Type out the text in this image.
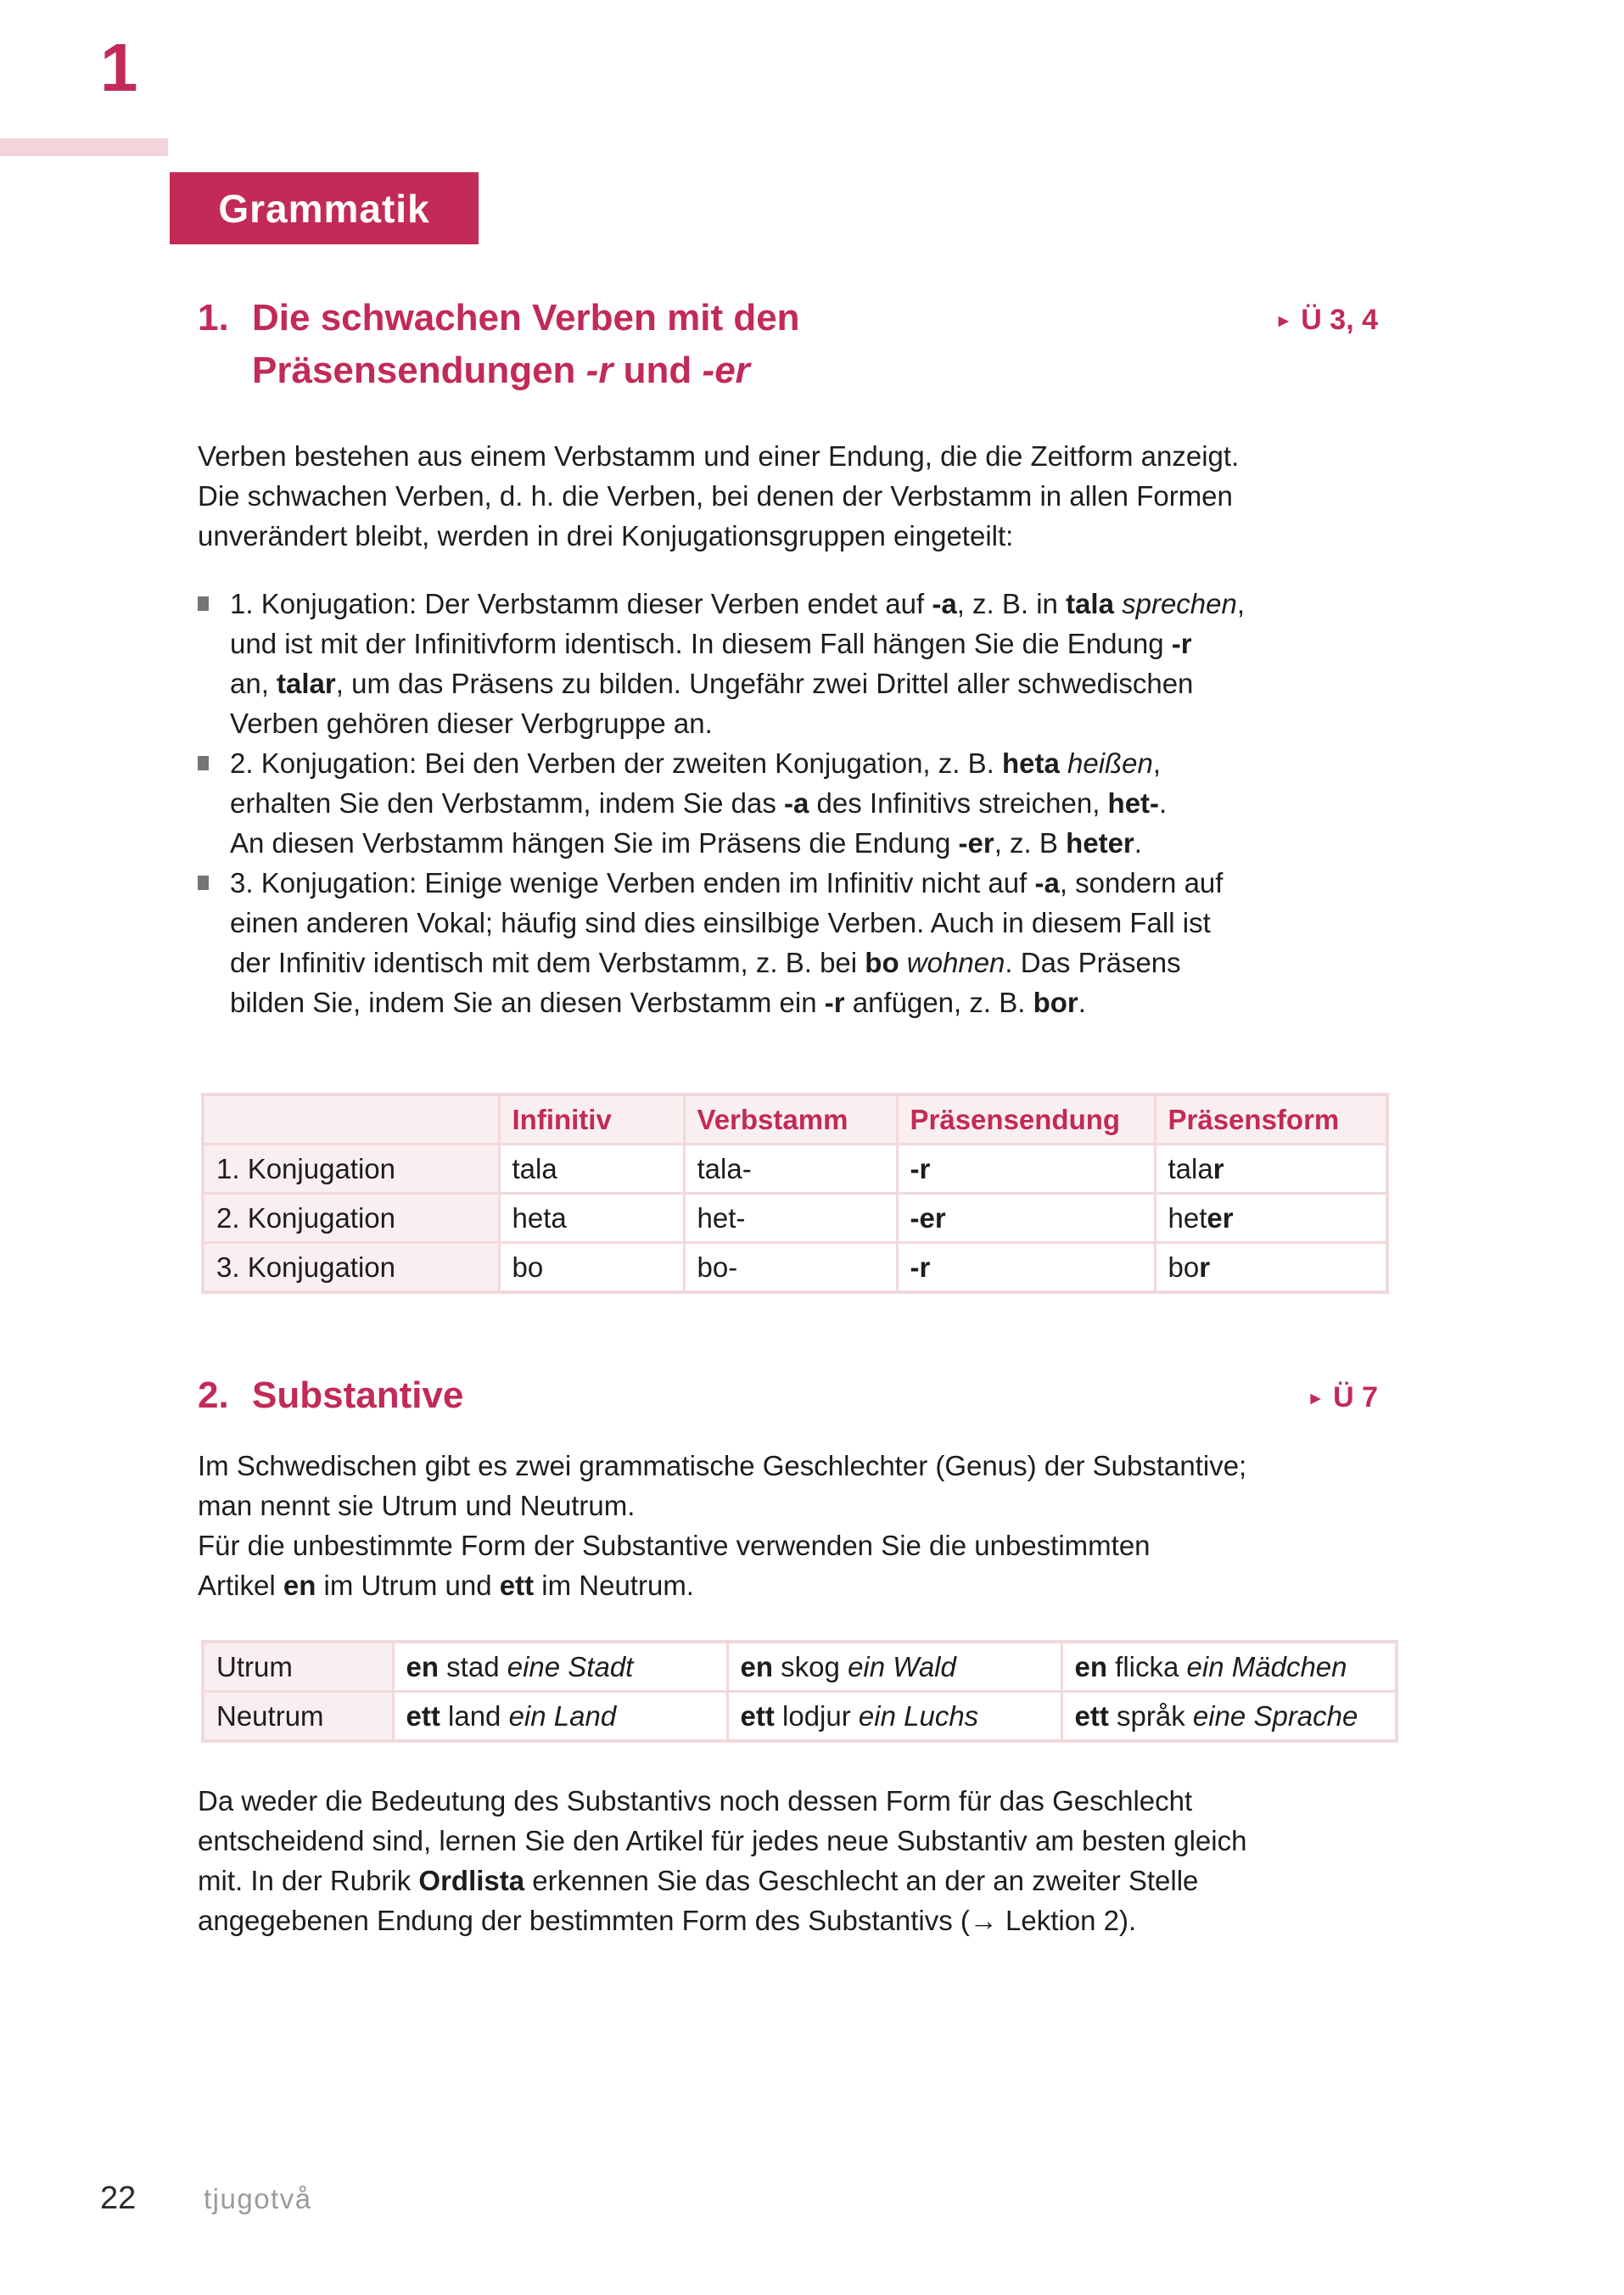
1
Grammatik
1. Die schwachen Verben mit den
Präsensendungen -r und -er
► Ü 3, 4
Verben bestehen aus einem Verbstamm und einer Endung, die die Zeitform anzeigt.
Die schwachen Verben, d. h. die Verben, bei denen der Verbstamm in allen Formen
unverändert bleibt, werden in drei Konjugationsgruppen eingeteilt:
1. Konjugation: Der Verbstamm dieser Verben endet auf -a, z. B. in tala sprechen,
und ist mit der Infinitivform identisch. In diesem Fall hängen Sie die Endung -r
an, talar, um das Präsens zu bilden. Ungefähr zwei Drittel aller schwedischen
Verben gehören dieser Verbgruppe an.
2. Konjugation: Bei den Verben der zweiten Konjugation, z. B. heta heißen,
erhalten Sie den Verbstamm, indem Sie das -a des Infinitivs streichen, het-.
An diesen Verbstamm hängen Sie im Präsens die Endung -er, z. B heter.
3. Konjugation: Einige wenige Verben enden im Infinitiv nicht auf -a, sondern auf
einen anderen Vokal; häufig sind dies einsilbige Verben. Auch in diesem Fall ist
der Infinitiv identisch mit dem Verbstamm, z. B. bei bo wohnen. Das Präsens
bilden Sie, indem Sie an diesen Verbstamm ein -r anfügen, z. B. bor.
	Infinitiv	Verbstamm	Präsensendung	Präsensform
1. Konjugation	tala	tala-	-r	talar
2. Konjugation	heta	het-	-er	heter
3. Konjugation	bo	bo-	-r	bor
2. Substantive	► Ü 7
Im Schwedischen gibt es zwei grammatische Geschlechter (Genus) der Substantive;
man nennt sie Utrum und Neutrum.
Für die unbestimmte Form der Substantive verwenden Sie die unbestimmten
Artikel en im Utrum und ett im Neutrum.
Utrum	en stad eine Stadt	en skog ein Wald	en flicka ein Mädchen
Neutrum	ett land ein Land	ett lodjur ein Luchs	ett språk eine Sprache
Da weder die Bedeutung des Substantivs noch dessen Form für das Geschlecht
entscheidend sind, lernen Sie den Artikel für jedes neue Substantiv am besten gleich
mit. In der Rubrik Ordlista erkennen Sie das Geschlecht an der an zweiter Stelle
angegebenen Endung der bestimmten Form des Substantivs (→ Lektion 2).
22 tjugotvå
